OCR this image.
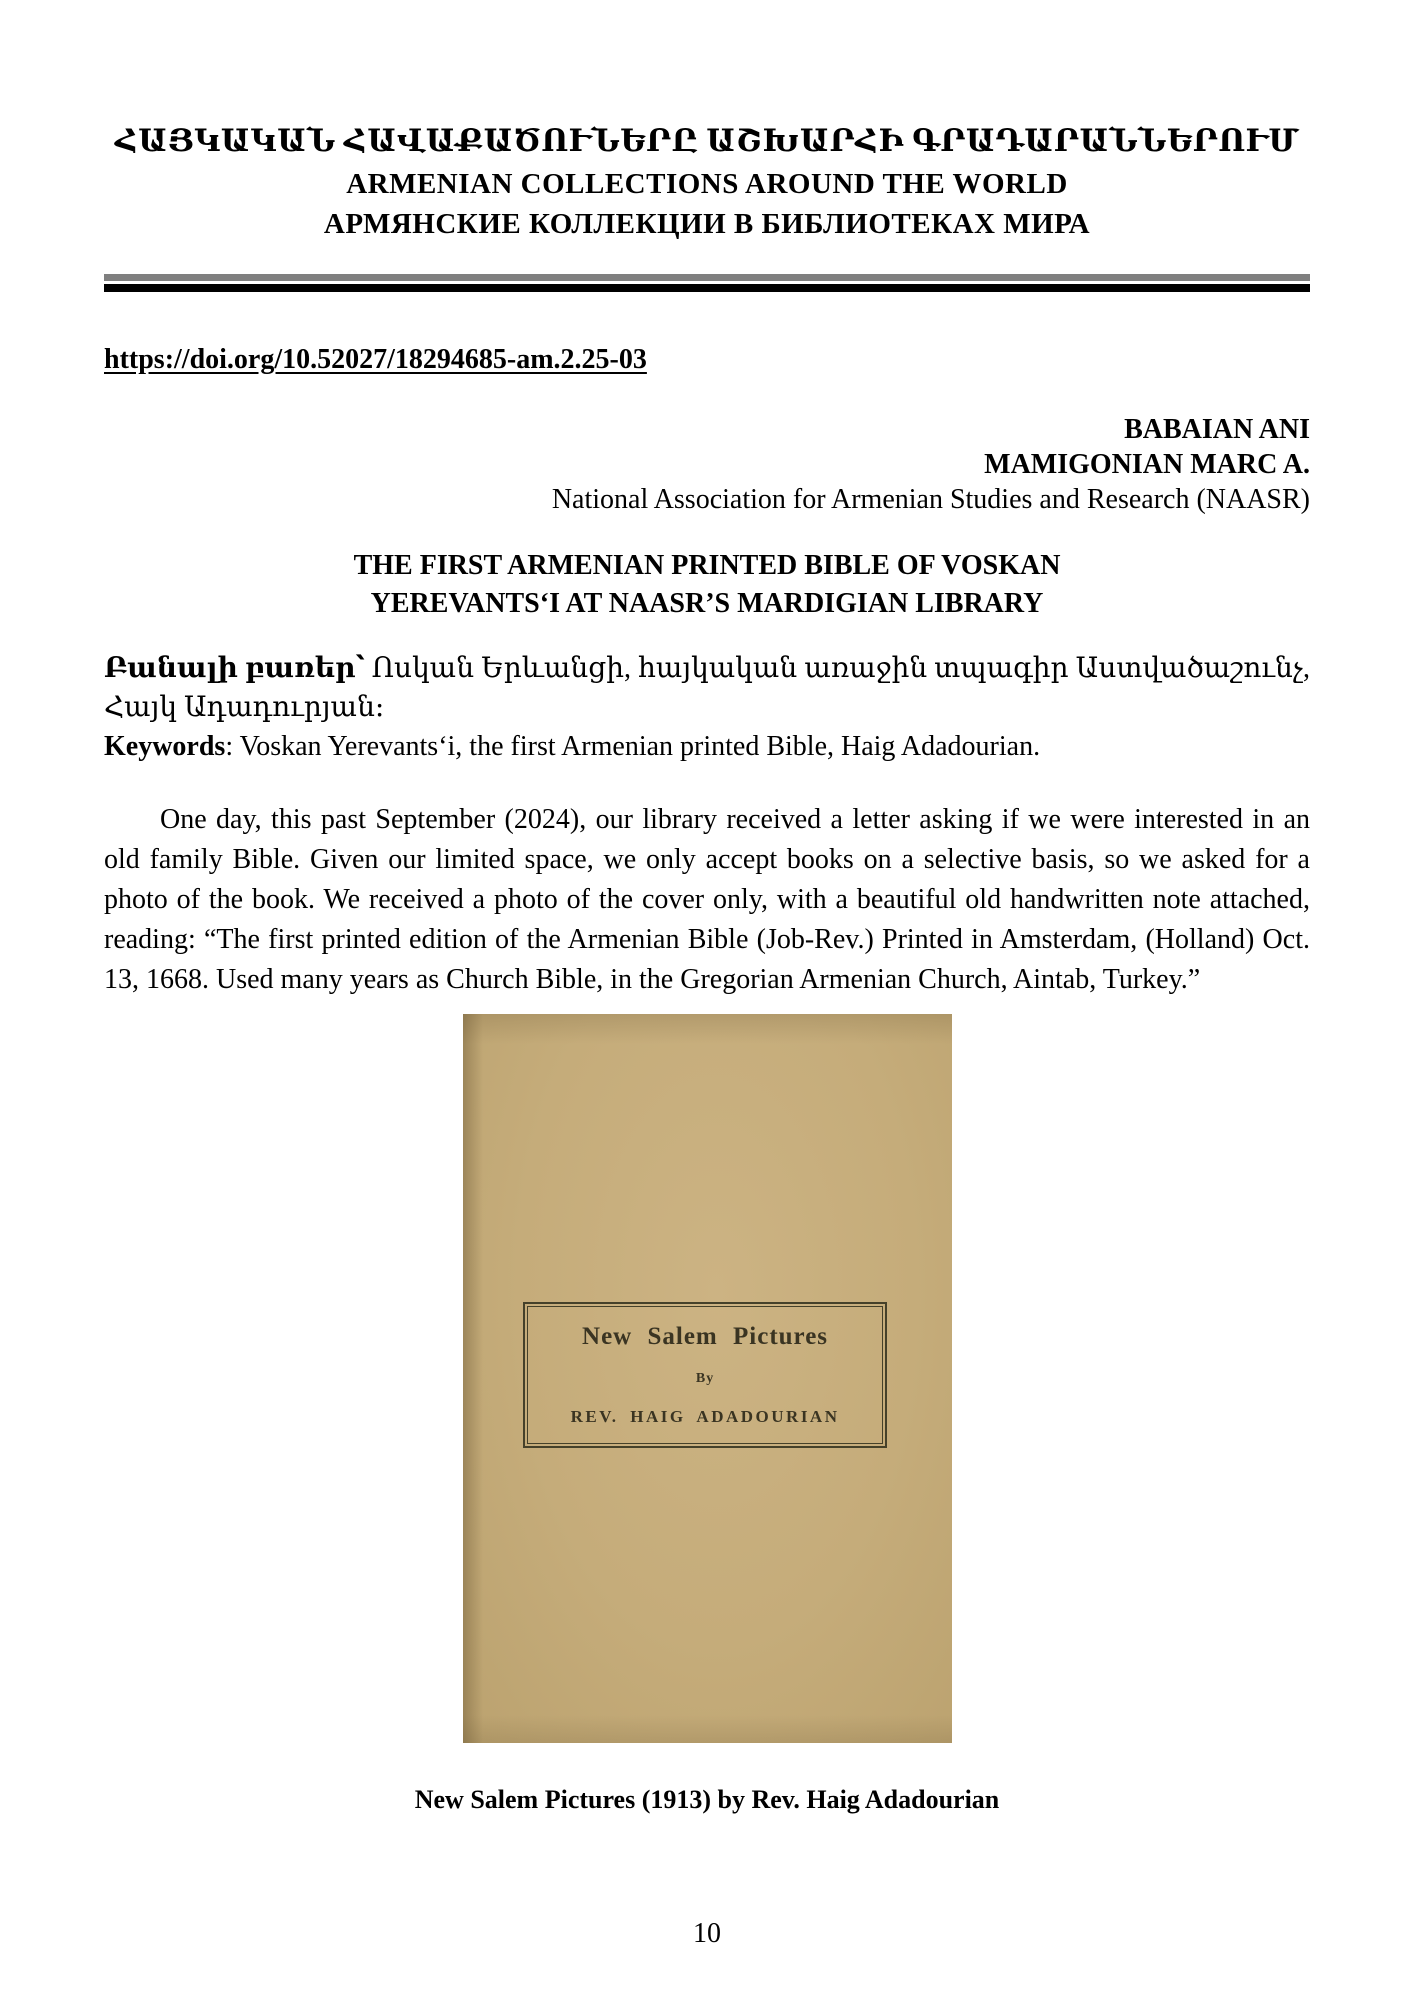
ՀԱՅԿԱԿԱՆ ՀԱՎԱՔԱԾՈՒՆԵՐԸ ԱՇԽԱՐՀԻ ԳՐԱԴԱՐԱՆՆԵՐՈՒՄ
ARMENIAN COLLECTIONS AROUND THE WORLD
АРМЯНСКИЕ КОЛЛЕКЦИИ В БИБЛИОТЕКАХ МИРА
https://doi.org/10.52027/18294685-am.2.25-03
BABAIAN ANI
MAMIGONIAN MARC A.
National Association for Armenian Studies and Research (NAASR)
THE FIRST ARMENIAN PRINTED BIBLE OF VOSKAN
YEREVANTS‘I AT NAASR’S MARDIGIAN LIBRARY

Բանալի բառեր՝ Ոսկան Երևանցի, հայկական առաջին տպագիր Աստվածաշունչ, Հայկ Ադադուրյան։

Keywords: Voskan Yerevants‘i, the first Armenian printed Bible, Haig Adadourian.

One day, this past September (2024), our library received a letter asking if we were interested in an old family Bible. Given our limited space, we only accept books on a selective basis, so we asked for a photo of the book. We received a photo of the cover only, with a beautiful old handwritten note attached, reading: “The first printed edition of the Armenian Bible (Job-Rev.) Printed in Amsterdam, (Holland) Oct. 13, 1668. Used many years as Church Bible, in the Gregorian Armenian Church, Aintab, Turkey.”

New Salem Pictures
By
REV. HAIG ADADOURIAN
New Salem Pictures (1913) by Rev. Haig Adadourian
10
